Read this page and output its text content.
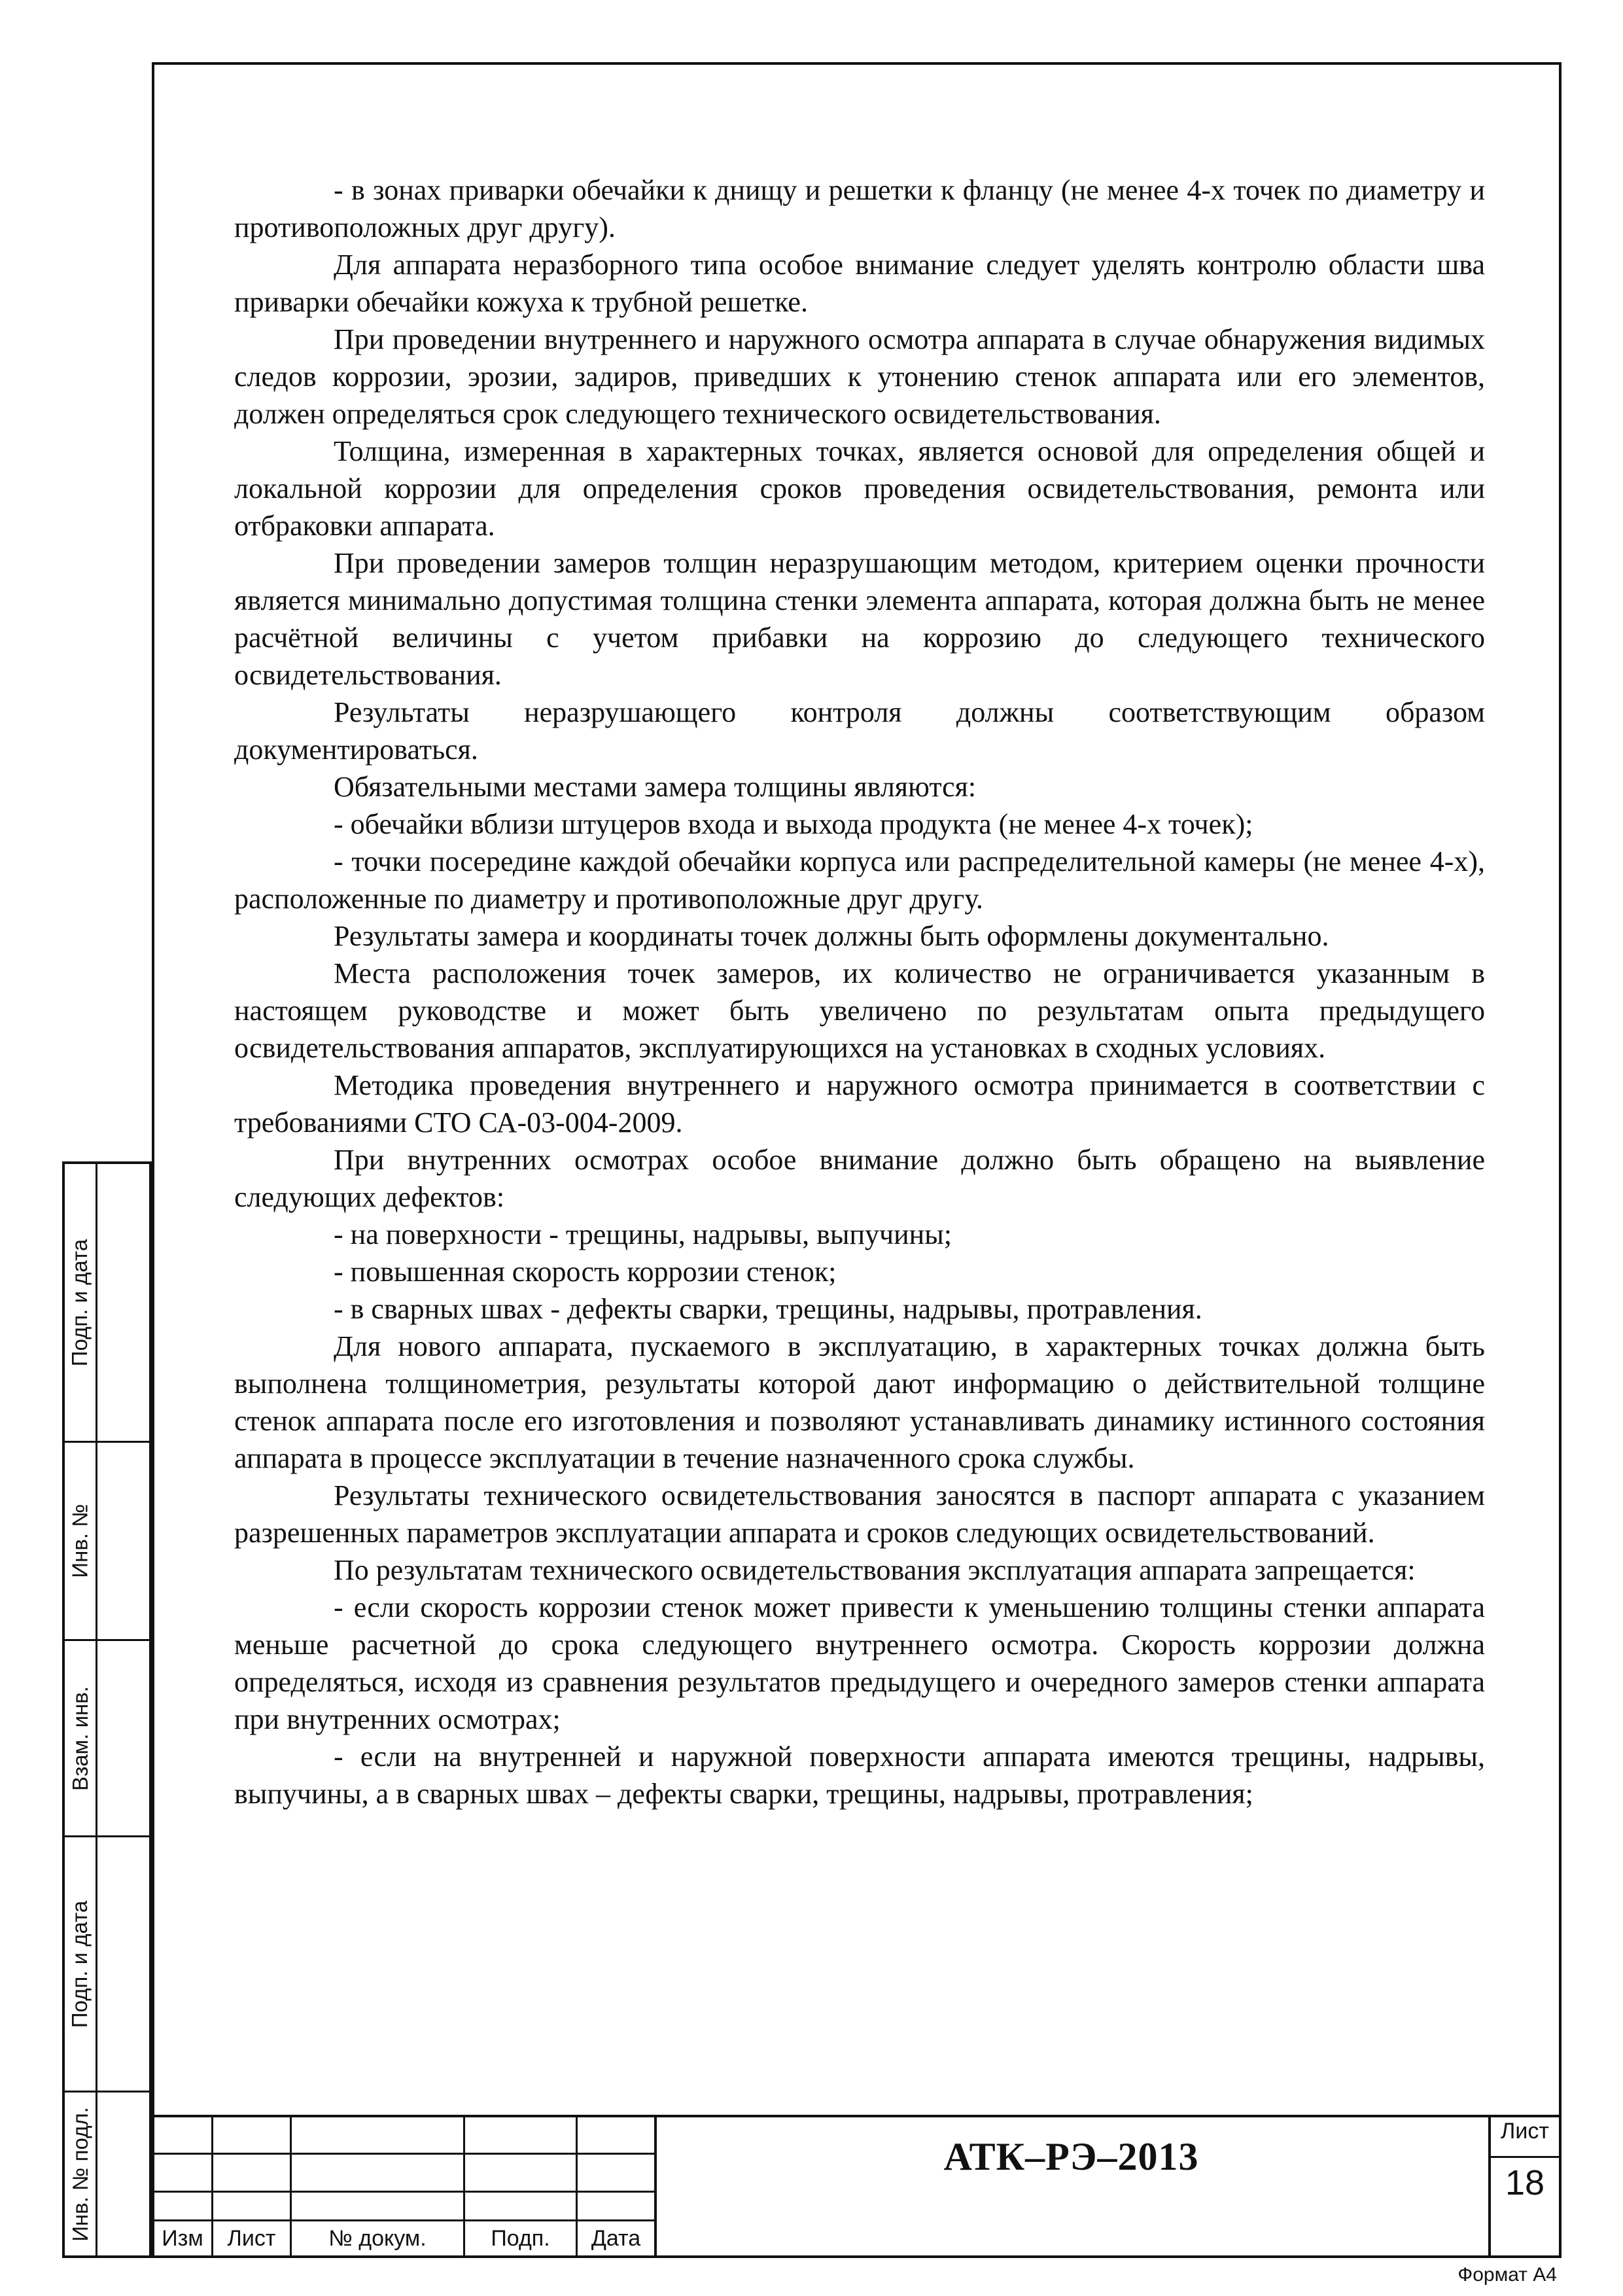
- в зонах приварки обечайки к днищу и решетки к фланцу (не менее 4-х точек по диаметру и противоположных друг другу).

Для аппарата неразборного типа особое внимание следует уделять контролю области шва приварки обечайки кожуха к трубной решетке.

При проведении внутреннего и наружного осмотра аппарата в случае обнаружения видимых следов коррозии, эрозии, задиров, приведших к утонению стенок аппарата или его элементов, должен определяться срок следующего технического освидетельствования.

Толщина, измеренная в характерных точках, является основой для определения общей и локальной коррозии для определения сроков проведения освидетельствования, ремонта или отбраковки аппарата.

При проведении замеров толщин неразрушающим методом, критерием оценки прочности является минимально допустимая толщина стенки элемента аппарата, которая должна быть не менее расчётной величины с учетом прибавки на коррозию до следующего технического освидетельствования.

Результаты неразрушающего контроля должны соответствующим образом документироваться.

Обязательными местами замера толщины являются:

- обечайки вблизи штуцеров входа и выхода продукта (не менее 4-х точек);

- точки посередине каждой обечайки корпуса или распределительной камеры (не менее 4-х), расположенные по диаметру и противоположные друг другу.

Результаты замера и координаты точек должны быть оформлены документально.

Места расположения точек замеров, их количество не ограничивается указанным в настоящем руководстве и может быть увеличено по результатам опыта предыдущего освидетельствования аппаратов, эксплуатирующихся на установках в сходных условиях.

Методика проведения внутреннего и наружного осмотра принимается в соответствии с требованиями СТО СА-03-004-2009.

При внутренних осмотрах особое внимание должно быть обращено на выявление следующих дефектов:

- на поверхности - трещины, надрывы, выпучины;

- повышенная скорость коррозии стенок;

- в сварных швах - дефекты сварки, трещины, надрывы, протравления.

Для нового аппарата, пускаемого в эксплуатацию, в характерных точках должна быть выполнена толщинометрия, результаты которой дают информацию о действительной толщине стенок аппарата после его изготовления и позволяют устанавливать динамику истинного состояния аппарата в процессе эксплуатации в течение назначенного срока службы.

Результаты технического освидетельствования заносятся в паспорт аппарата с указанием разрешенных параметров эксплуатации аппарата и сроков следующих освидетельствований.

По результатам технического освидетельствования эксплуатация аппарата запрещается:

- если скорость коррозии стенок может привести к уменьшению толщины стенки аппарата меньше расчетной до срока следующего внутреннего осмотра. Скорость коррозии должна определяться, исходя из сравнения результатов предыдущего и очередного замеров стенки аппарата при внутренних осмотрах;

- если на внутренней и наружной поверхности аппарата имеются трещины, надрывы, выпучины, а в сварных швах – дефекты сварки, трещины, надрывы, протравления;

Подп. и дата
Инв. №
Взам. инв.
Подп. и дата
Инв. № подл.	Изм	Лист	№ докум.	Подп.	Дата
АТК–РЭ–2013
Лист
18
Формат А4
